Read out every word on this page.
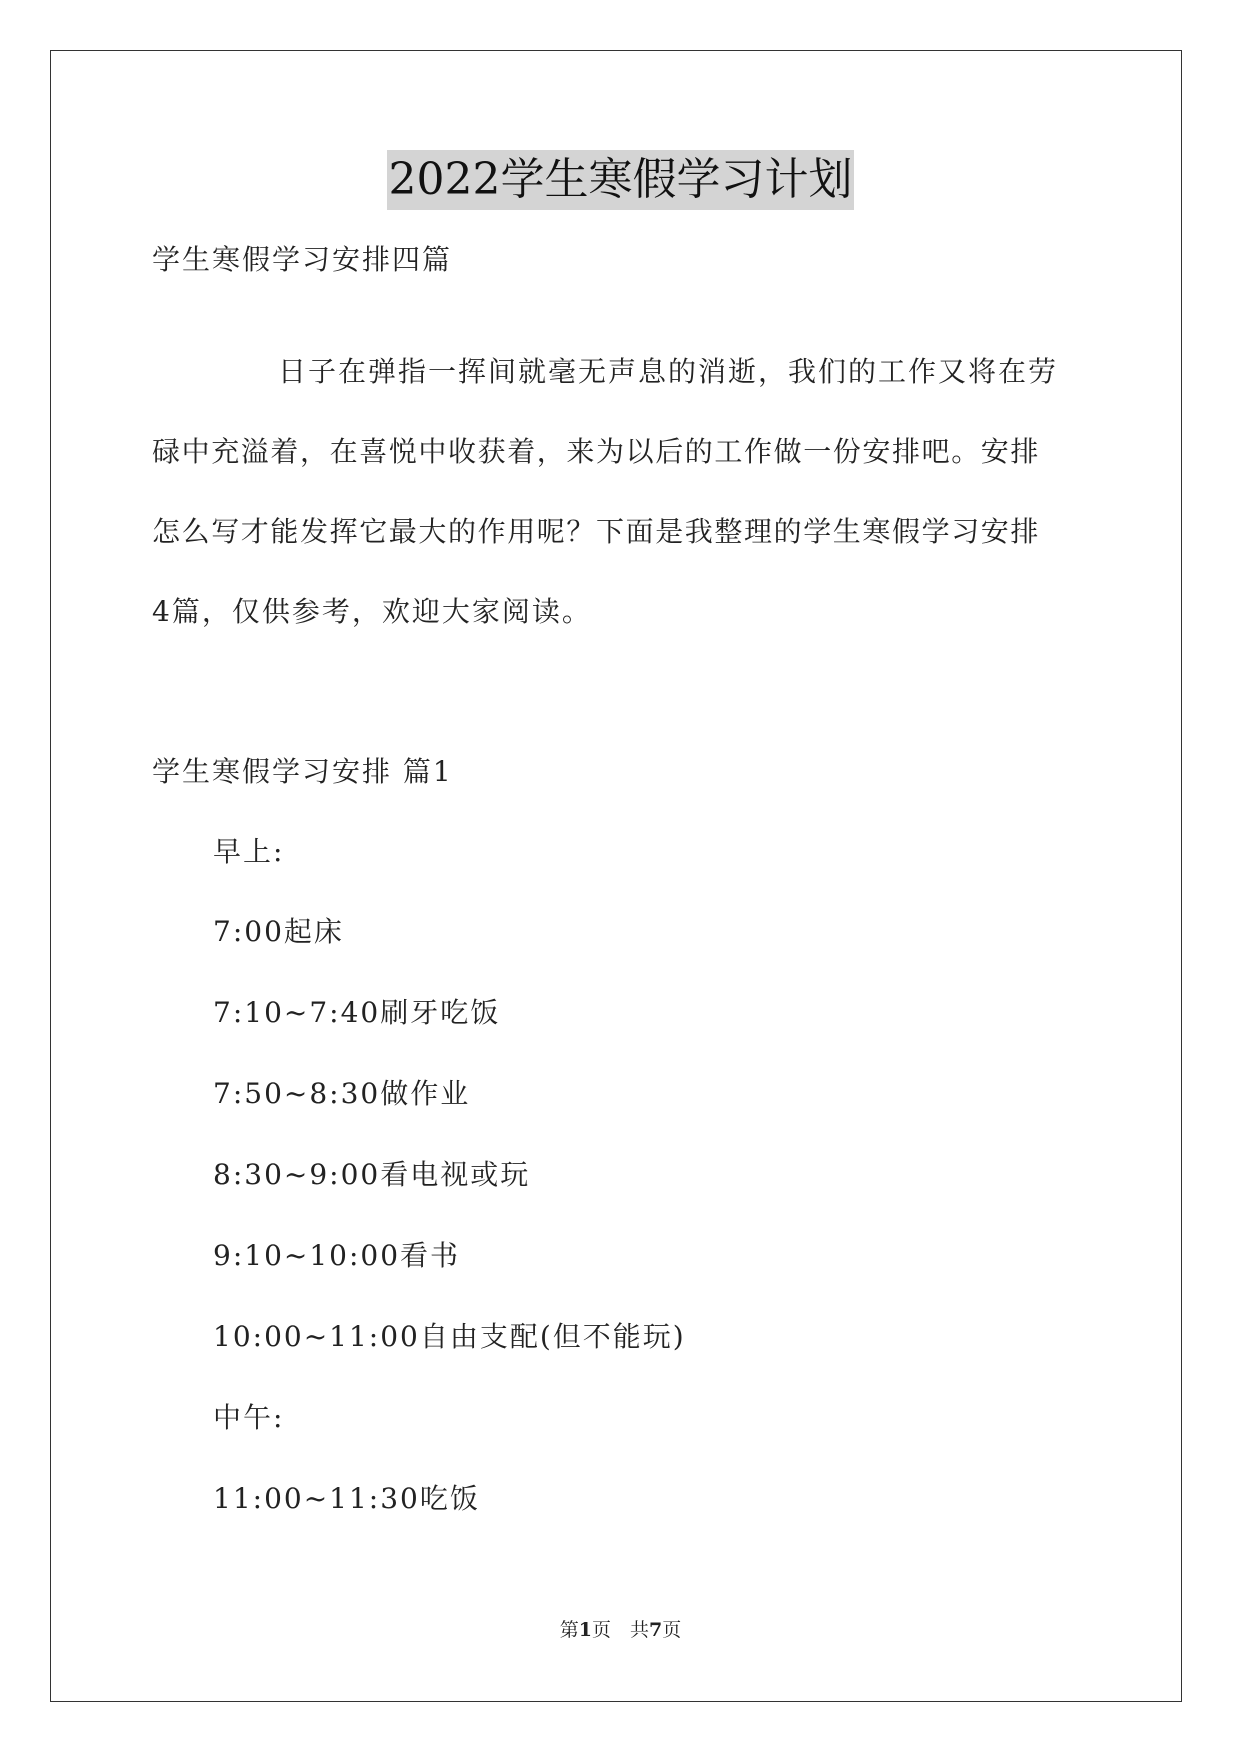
2022学生寒假学习计划
学生寒假学习安排四篇
日子在弹指一挥间就毫无声息的消逝，我们的工作又将在劳
碌中充溢着，在喜悦中收获着，来为以后的工作做一份安排吧。安排
怎么写才能发挥它最大的作用呢？下面是我整理的学生寒假学习安排
4篇，仅供参考，欢迎大家阅读。
学生寒假学习安排 篇1
早上:
7:00起床
7:10~7:40刷牙吃饭
7:50~8:30做作业
8:30~9:00看电视或玩
9:10~10:00看书
10:00~11:00自由支配(但不能玩)
中午:
11:00~11:30吃饭
第1页　共7页
